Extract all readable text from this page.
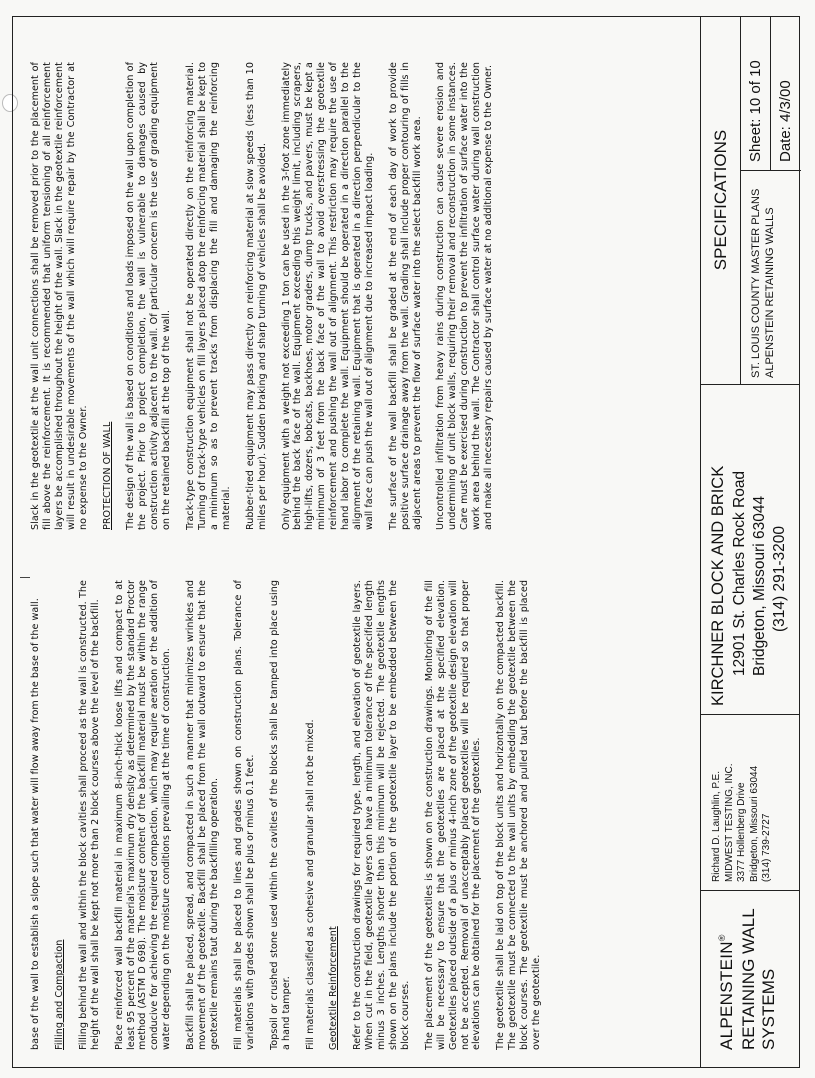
base of the wall to establish a slope such that water will flow away from the base of the wall. Filling and Compaction Filling behind the wall and within the block cavities shall proceed as the wall is constructed. The height of the wall shall be kept not more than 2 block courses above the level of the backfill. Place reinforced wall backfill material in maximum 8-inch-thick loose lifts and compact to at least 95 percent of the material's maximum dry density as determined by the standard Proctor method (ASTM D 698). The moisture content of the backfill material must be within the range conducive for achieving the required compaction, which may require aeration or the addition of water depending on the moisture conditions prevailing at the time of construction. Backfill shall be placed, spread, and compacted in such a manner that minimizes wrinkles and movement of the geotextile. Backfill shall be placed from the wall outward to ensure that the geotextile remains taut during the backfilling operation. Fill materials shall be placed to lines and grades shown on construction plans. Tolerance of variations with grades shown shall be plus or minus 0.1 feet. Topsoil or crushed stone used within the cavities of the blocks shall be tamped into place using a hand tamper. Fill materials classified as cohesive and granular shall not be mixed. Geotextile Reinforcement Refer to the construction drawings for required type, length, and elevation of geotextile layers. When cut in the field, geotextile layers can have a minimum tolerance of the specified length minus 3 inches. Lengths shorter than this minimum will be rejected. The geotextile lengths shown on the plans include the portion of the geotextile layer to be embedded between the block courses. The placement of the geotextiles is shown on the construction drawings. Monitoring of the fill will be necessary to ensure that the geotextiles are placed at the specified elevation. Geotextiles placed outside of a plus or minus 4-inch zone of the geotextile design elevation will not be accepted. Removal of unacceptably placed geotextiles will be required so that proper elevations can be obtained for the placement of the geotextiles. The geotextile shall be laid on top of the block units and horizontally on the compacted backfill. The geotextile must be connected to the wall units by embedding the geotextile between the block courses. The geotextile must be anchored and pulled taut before the backfill is placed over the geotextile.

Slack in the geotextile at the wall unit connections shall be removed prior to the placement of fill above the reinforcement. It is recommended that uniform tensioning of all reinforcement layers be accomplished throughout the height of the wall. Slack in the geotextile reinforcement will result in undesirable movements of the wall which will require repair by the Contractor at no expense to the Owner. PROTECTION OF WALL The design of the wall is based on conditions and loads imposed on the wall upon completion of the project. Prior to project completion, the wall is vulnerable to damages caused by construction activity adjacent to the wall. Of particular concern is the use of grading equipment on the retained backfill at the top of the wall. Track-type construction equipment shall not be operated directly on the reinforcing material. Turning of track-type vehicles on fill layers placed atop the reinforcing material shall be kept to a minimum so as to prevent tracks from displacing the fill and damaging the reinforcing material. Rubber-tired equipment may pass directly on reinforcing material at slow speeds (less than 10 miles per hour). Sudden braking and sharp turning of vehicles shall be avoided. Only equipment with a weight not exceeding 1 ton can be used in the 3-foot zone immediately behind the back face of the wall. Equipment exceeding this weight limit, including scrapers, high-lifts, dozers, bobcats, backhoes, motor graders, dump trucks, and pavers, must be kept a minimum of 3 feet from the back face of the wall to avoid overstressing the geotextile reinforcement and pushing the wall out of alignment. This restriction may require the use of hand labor to complete the wall. Equipment should be operated in a direction parallel to the alignment of the retaining wall. Equipment that is operated in a direction perpendicular to the wall face can push the wall out of alignment due to increased impact loading. The surface of the wall backfill shall be graded at the end of each day of work to provide positive surface drainage away from the wall. Grading shall include proper contouring of fills in adjacent areas to prevent the flow of surface water into the select backfill work area. Uncontrolled infiltration from heavy rains during construction can cause severe erosion and undermining of unit block walls, requiring their removal and reconstruction in some instances. Care must be exercised during construction to prevent the infiltration of surface water into the work area behind the wall. The Contractor shall control surface water during wall construction and make all necessary repairs caused by surface water at no additional expense to the Owner.

ALPENSTEIN® RETAINING WALL SYSTEMS
Richard D. Laughlin, P.E. MIDWEST TESTING, INC. 3377 Hollenberg Drive Bridgeton, Missouri 63044 (314) 739-2727
KIRCHNER BLOCK AND BRICK 12901 St. Charles Rock Road Bridgeton, Missouri 63044 (314) 291-3200
SPECIFICATIONS	ST. LOUIS COUNTY MASTER PLANS ALPENSTEIN RETAINING WALLS
Sheet: 10 of 10 Date: 4/3/00
